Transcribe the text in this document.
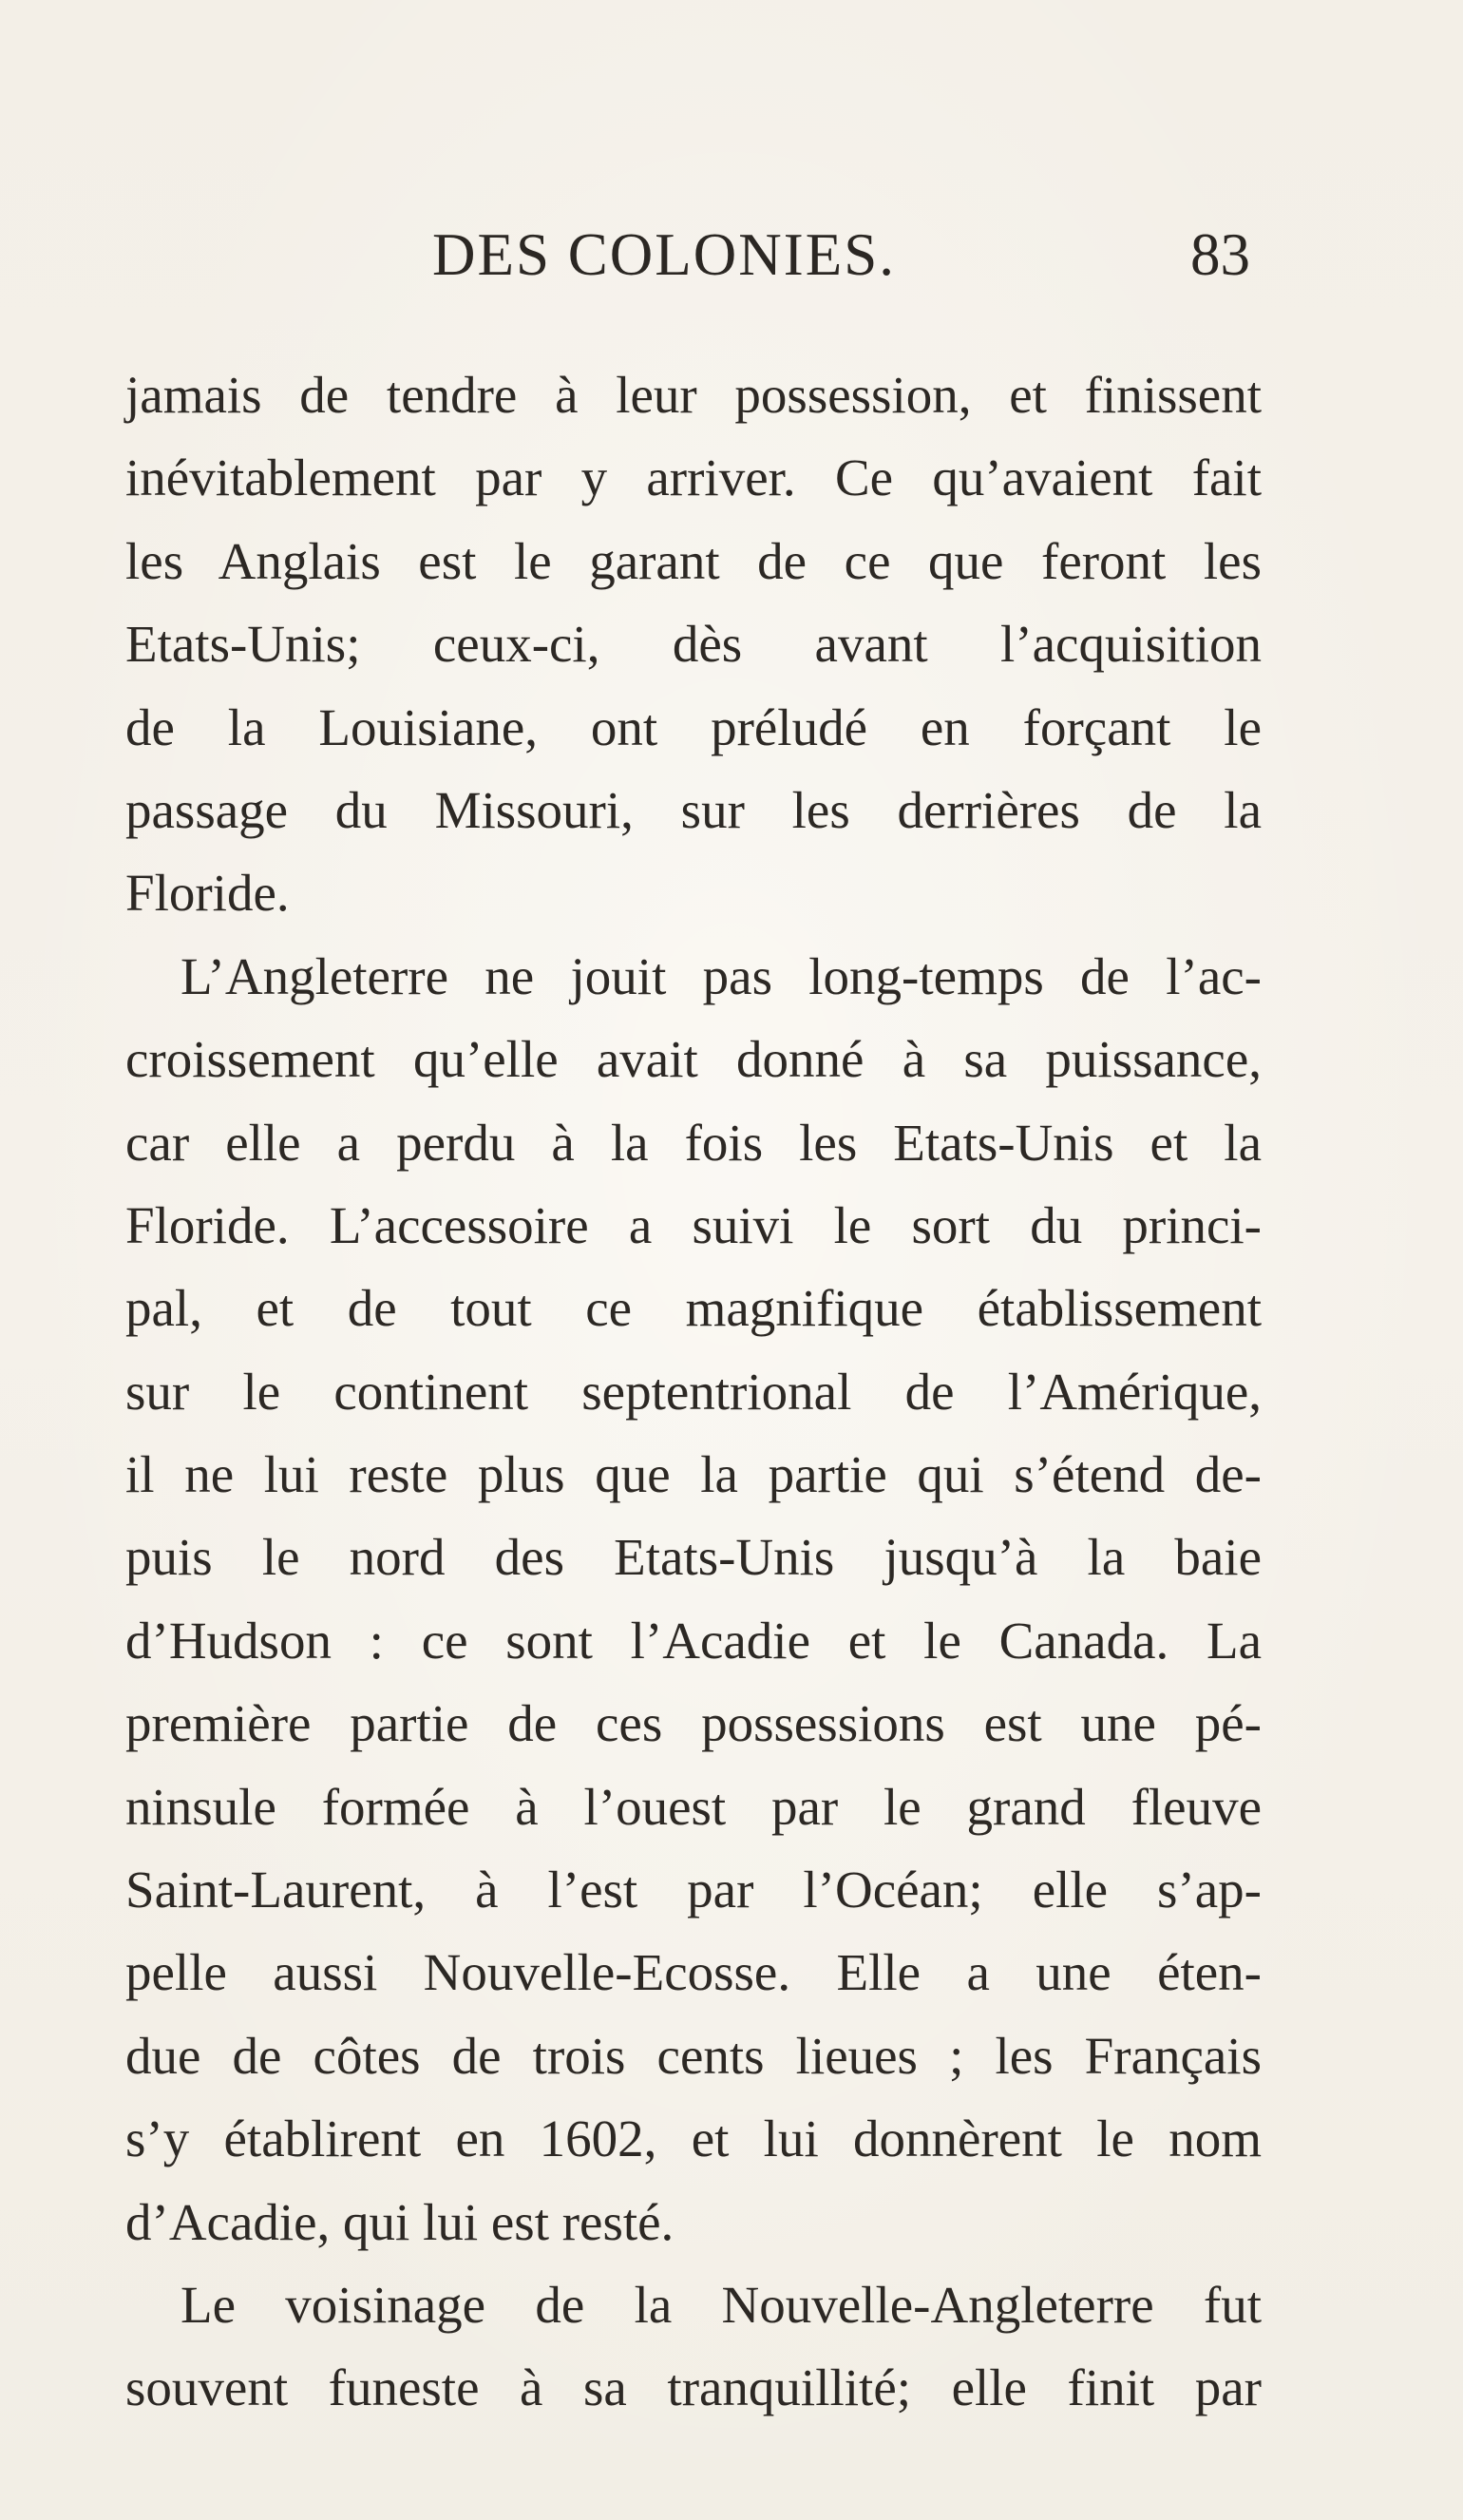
DES COLONIES.	83
jamais de tendre à leur possession, et finissent
inévitablement par y arriver. Ce qu’avaient fait
les Anglais est le garant de ce que feront les
Etats-Unis; ceux-ci, dès avant l’acquisition
de la Louisiane, ont préludé en forçant le
passage du Missouri, sur les derrières de la
Floride.
L’Angleterre ne jouit pas long-temps de l’ac-
croissement qu’elle avait donné à sa puissance,
car elle a perdu à la fois les Etats-Unis et la
Floride. L’accessoire a suivi le sort du princi-
pal, et de tout ce magnifique établissement
sur le continent septentrional de l’Amérique,
il ne lui reste plus que la partie qui s’étend de-
puis le nord des Etats-Unis jusqu’à la baie
d’Hudson : ce sont l’Acadie et le Canada. La
première partie de ces possessions est une pé-
ninsule formée à l’ouest par le grand fleuve
Saint-Laurent, à l’est par l’Océan; elle s’ap-
pelle aussi Nouvelle-Ecosse. Elle a une éten-
due de côtes de trois cents lieues ; les Français
s’y établirent en 1602, et lui donnèrent le nom
d’Acadie, qui lui est resté.
Le voisinage de la Nouvelle-Angleterre fut
souvent funeste à sa tranquillité; elle finit par
